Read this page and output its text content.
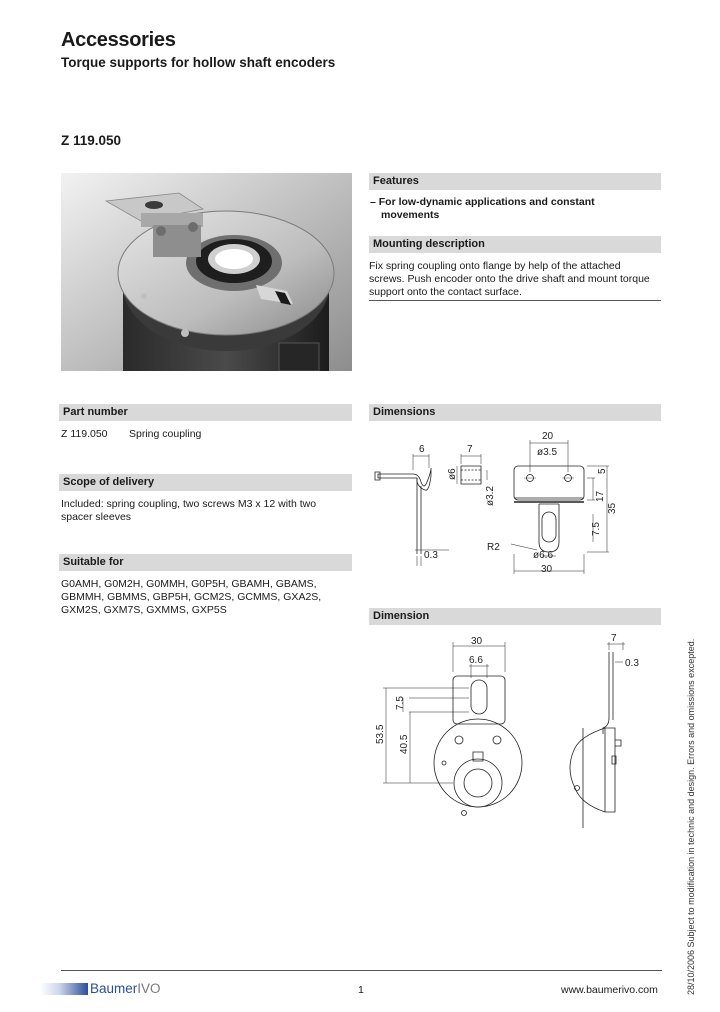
Accessories
Torque supports for hollow shaft encoders
Z 119.050
Features
– For low-dynamic applications and constant
movements
Mounting description
Fix spring coupling onto flange by help of the attached
screws. Push encoder onto the drive shaft and mount torque
support onto the contact surface.
Part number
Z 119.050 Spring coupling
Scope of delivery
Included: spring coupling, two screws M3 x 12 with two
spacer sleeves
Suitable for
G0AMH, G0M2H, G0MMH, G0P5H, GBAMH, GBAMS,
GBMMH, GBMMS, GBP5H, GCM2S, GCMMS, GXA2S,
GXM2S, GXM7S, GXMMS, GXP5S
Dimensions
6	7
20
ø3.5
ø6
ø3.2
5
17
35
7.5
R2
ø6.6
0.3
30
Dimension
30
6.6
7.5
53.5
40.5
7
0.3	28/10/2006 Subject to modification in technic and design. Errors and omissions excepted.
BaumerIVO	1	www.baumerivo.com
